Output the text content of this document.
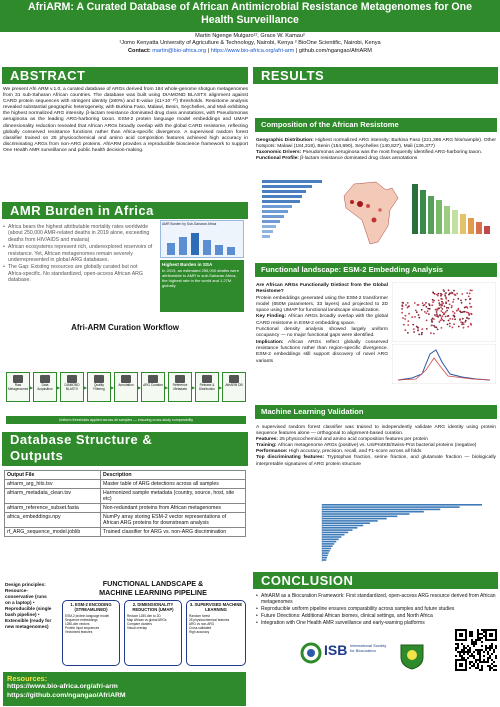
AfriARM: A Curated Database of African Antimicrobial Resistance Metagenomes for One
Health Surveillance
Martin Ngenge Mulgaro¹², Grace W. Kamau²
¹Jomo Kenyatta University of Agriculture & Technology, Nairobi, Kenya ² BioOne Scientific, Nairobi, Kenya
Contact: martin@bio-africa.org | https://www.bio-africa.org/afri-arm | github.com/ngangao/AfriARM
ABSTRACT
We present Afri ARM v.1.0, a curated database of ARGs derived from 184 whole-genome shotgun metagenomes from 31 sub-Saharan African countries. The database was built using DIAMOND BLASTX alignment against CARD protein sequences with stringent identity (≥80%) and E-value (≤1×10⁻¹⁰) thresholds. Resistome analysis revealed substantial geographic heterogeneity, with Burkina Faso, Malawi, Benin, Seychelles, and Mali exhibiting the highest normalized ARG intensity. β-lactam resistance dominated drug class annotations, with Pseudomonas aeruginosa as the leading ARG-harboring taxon. ESM-2 protein language model embeddings and UMAP dimensionality reduction revealed that African ARGs broadly overlap with the global CARD resistome, reflecting globally conserved resistance functions rather than Africa-specific divergence. A supervised random forest classifier trained on 25 physicochemical and amino acid composition features achieved high accuracy in discriminating ARGs from non-ARG proteins. AfriARM provides a reproducible bioscience framework to support One Health AMR surveillance and public health decision-making.
AMR Burden in Africa
• Africa bears the highest attributable mortality rates worldwide (about 250,000 AMR-related deaths in 2019 alone, exceeding deaths from HIV/AIDS and malaria)
• African ecosystems represent rich, underexplored reservoirs of resistance. Yet, African metagenomes remain severely underrepresented in global ARG databases.
• The Gap: Existing resources are globally curated but not Africa-specific. No standardized, open-access African ARG database.
AMR Burden by Sub-Saharan Africa
Highest Burden in SSA
In 2019, an estimated 255,000 deaths were attributable to AMR in sub-Saharan Africa, the highest rate in the world and 1.27M globally
Afri-ARM Curation Workflow
Uniform thresholds applied across all samples — ensuring cross-study comparability
Database Structure &
Outputs
Output File	Description
afriarm_arg_hits.tsv	Master table of ARG detections across all samples
afriarm_metadata_clean.tsv	Harmonized sample metadata (country, source, host, site etc)
afriarm_reference_subset.fasta	Non-redundant proteins from African metagenomes
africa_embeddings.npy	NumPy array storing ESM-2 vector representations of African ARG proteins for downstream analysis
rf_ARG_sequence_model.joblib	Trained classifier for ARG vs. non-ARG discrimination
Design principles:
Resource-conservative (runs on a laptop) • Reproducible (single bash pipeline) • Extensible (ready for new metagenomes)
FUNCTIONAL LANDSCAPE &
MACHINE LEARNING PIPELINE
1. ESM-2 ENCODING (STREAMLINED)
ESM-2 protein language model
Sequence embeddings
1280-dim vectors
Protein input sequences
Vectorized features
2. DIMENSIONALITY REDUCTION (UMAP)
Reduce 1280-dim to 2D
Map African vs global ARGs
Compare clusters
Visual overlap
3. SUPERVISED MACHINE LEARNING
Random forest
25 physicochemical features
ARG vs non-ARG
Cross-validated
High accuracy
Resources:
https://www.bio-africa.org/afri-arm
https://github.com/ngangao/AfriARM
RESULTS
Composition of the African Resistome
Geographic Distribution: Highest normalized ARG intensity: Burkina Faso (221,396 ARG hits/sample). Other hotspots: Malawi (184,318), Benin (154,690), Seychelles (140,827), Mali (136,377)
Taxonomic Drivers: Pseudomonas aeruginosa was the most frequently identified ARG-harboring taxon.
Functional Profile: β-lactam resistance dominated drug class annotations
Functional landscape: ESM-2 Embedding Analysis
Are African ARGs Functionally Distinct from the Global Resistome?
Protein embeddings generated using the ESM-2 transformer model (650M parameters, 33 layers) and projected to 2D space using UMAP for functional landscape visualization.
Key Finding: African ARGs broadly overlap with the global CARD resistome in ESM-2 embedding space.
Functional density analysis showed largely uniform occupancy — no major functional gaps were identified.
Implication: African ARGs reflect globally conserved resistance functions rather than region-specific divergence. ESM-2 embeddings still support discovery of novel ARG variants
Machine Learning Validation
A supervised random forest classifier was trained to independently validate ARG identity using protein sequence features alone — orthogonal to alignment-based curation.
Features: 25 physicochemical and amino acid composition features per protein
Training: African metagenome ARGs (positive) vs. UniProtKB/Swiss-Prot bacterial proteins (negative)
Performance: High accuracy, precision, recall, and F1-score across all folds
Top discriminating features: Tryptophan fraction, serine fraction, and glutamate fraction — biologically interpretable signatures of ARG protein structure
CONCLUSION
• AfriARM as a Biocuration Framework: First standardized, open-access ARG resource derived from African metagenomes
• Reproducible uniform pipeline ensures comparability across samples and future studies
• Future Directions: Additional African biomes, clinical settings, and North Africa
• Integration with One Health AMR surveillance and early-warning platforms
ISB International Society for Biocuration
Raw Metagenomes ▶	Data Acquisition	▶	DIAMOND BLASTX	▶	Quality Filtering	▶	Annotation	▶ ARG Curation ▶	Reference Metadata	▶	Release & Distribution	▶	AfriARM DB
